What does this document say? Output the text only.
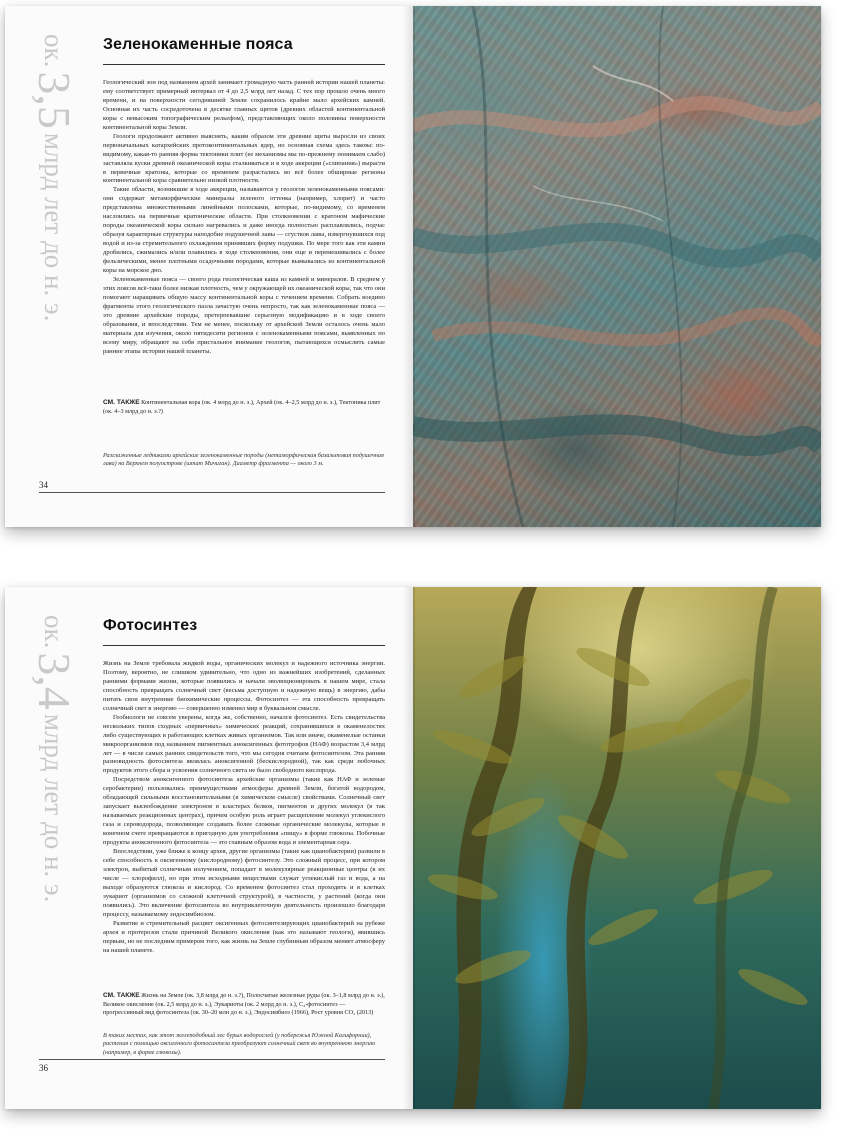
ок. 3,5 млрд лет до н. э.
Зеленокаменные пояса

Геологический эон под названием архей занимает громадную часть ранней истории нашей планеты: ему соответствует примерный интервал от 4 до 2,5 млрд лет назад. С тех пор прошло очень много времени, и на поверхности сегодняшней Земли сохранилось крайне мало архейских камней. Основная их часть сосредоточена в десятке главных щитов (древних областей континентальной коры с невысоким топографическим рельефом), представляющих около половины поверхности континентальной коры Земли.

Геологи продолжают активно выяснять, каким образом эти древние щиты выросли из своих первоначальных катархейских протоконтинентальных ядер, но основная схема здесь такова: по-видимому, какая-то ранняя форма тектоники плит (ее механизмы мы по-прежнему понимаем слабо) заставляла куски древней океанической коры сталкиваться и в ходе аккреции («слипания») вырасти в первичные кратоны, которые со временем разрастались во всё более обширные регионы континентальной коры сравнительно низкой плотности.

Такие области, возникшие в ходе аккреции, называются у геологов зеленокаменными поясами: они содержат метаморфические минералы зеленого оттенка (например, хлорит) и часто представлены множественными линейными полосками, которые, по-видимому, со временем наслоились на первичные кратонические области. При столкновении с кратоном мафические породы океанической коры сильно нагревались и даже иногда полностью расплавлялись, подчас образуя характерные структуры наподобие подушечной лавы — сгустков лавы, извергнувшихся под водой и из-за стремительного охлаждения принявших форму подушки. По мере того как эти камни дробились, сжимались и/или плавились в ходе столкновения, они еще и перемешивались с более фельзическими, менее плотными осадочными породами, которые вымывались из континентальной коры на морское дно.

Зеленокаменные пояса — своего рода геологическая каша из камней и минералов. В среднем у этих поясов всё-таки более низкая плотность, чем у окружающей их океанической коры, так что они помогают наращивать общую массу континентальной коры с течением времени. Собрать воедино фрагменты этого геологического пазла зачастую очень непросто, так как зеленокаменные пояса — это древние архейские породы, претерпевавшие серьезную модификацию и в ходе своего образования, и впоследствии. Тем не менее, поскольку от архейской Земли осталось очень мало материала для изучения, около пятидесяти регионов с зеленокаменными поясами, выявленных по всему миру, обращают на себя пристальное внимание геологов, пытающихся осмыслить самые ранние этапы истории нашей планеты.

СМ. ТАКЖЕ Континентальная кора (ок. 4 млрд до н. э.), Архей (ок. 4–2,5 млрд до н. э.), Тектоника плит (ок. 4–3 млрд до н. э.?)
Разглаженные ледниками архейские зеленокаменные породы (метаморфическая базальтовая подушечная лава) на Верхнем полуострове (штат Мичиган). Диаметр фрагмента — около 3 м.
34
ок. 3,4 млрд лет до н. э.
Фотосинтез

Жизнь на Земле требовала жидкой воды, органических молекул и надежного источника энергии. Поэтому, вероятно, не слишком удивительно, что одно из важнейших изобретений, сделанных ранними формами жизни, которые появились и начали эволюционировать в нашем мире, стала способность превращать солнечный свет (весьма доступную и надежную вещь) в энергию, дабы питать свои внутренние биохимические процессы. Фотосинтез — эта способность превращать солнечный свет в энергию — совершенно изменил мир в буквальном смысле.

Геобиологи не совсем уверены, когда же, собственно, начался фотосинтез. Есть свидетельства нескольких типов сходных «первичных» химических реакций, сохранившихся в окаменелостях либо существующих в работающих клетках живых организмов. Так или иначе, окаменелые останки микроорганизмов под названием пигментных аноксигенных фототрофов (НАФ) возрастом 3,4 млрд лет — в числе самых ранних свидетельств того, что мы сегодня считаем фотосинтезом. Эта ранняя разновидность фотосинтеза являлась аноксигенной (бескислородной), так как среди побочных продуктов этого сбора и усвоения солнечного света не было свободного кислорода.

Посредством аноксигенного фотосинтеза архейские организмы (такие как НАФ и зеленые серобактерии) пользовались преимуществами атмосферы древней Земли, богатой водородом, обладающей сильными восстановительными (в химическом смысле) свойствами. Солнечный свет запускает высвобождение электронов в кластерах белков, пигментов и других молекул (в так называемых реакционных центрах), причем особую роль играет расщепление молекул углекислого газа и сероводорода, позволяющее создавать более сложные органические молекулы, которые в конечном счете превращаются в пригодную для употребления «пищу» в форме глюкозы. Побочные продукты аноксигенного фотосинтеза — это главным образом вода и элементарная сера.

Впоследствии, уже ближе к концу архея, другие организмы (такие как цианобактерии) развили в себе способность к оксигенному (кислородному) фотосинтезу. Это сложный процесс, при котором электрон, выбитый солнечным излучением, попадает в молекулярные реакционные центры (в их числе — хлорофилл), но при этом исходными веществами служат углекислый газ и вода, а на выходе образуются глюкоза и кислород. Со временем фотосинтез стал проходить и в клетках эукариот (организмов со сложной клеточной структурой), в частности, у растений (когда они появились). Это включение фотосинтеза во внутриклеточную деятельность произошло благодаря процессу, называемому эндосимбиозом.

Развитие и стремительный расцвет оксигенных фотосинтезирующих цианобактерий на рубеже архея и протерозоя стали причиной Великого окисления (как это называют геологи), явившись первым, но не последним примером того, как жизнь на Земле глубинным образом меняет атмосферу на нашей планете.

СМ. ТАКЖЕ Жизнь на Земле (ок. 3,8 млрд до н. э.?), Полосчатые железные руды (ок. 3–1,8 млрд до н. э.), Великое окисление (ок. 2,5 млрд до н. э.), Эукариоты (ок. 2 млрд до н. э.), C₄-фотосинтез — прогрессивный вид фотосинтеза (ок. 30–20 млн до н. э.), Эндосимбиоз (1966), Рост уровня CO₂ (2013)
В таких местах, как этот желеподобный лес бурых водорослей (у побережья Южной Калифорнии), растения с помощью оксигенного фотосинтеза преобразуют солнечный свет во внутреннюю энергию (например, в форме глюкозы).
36
